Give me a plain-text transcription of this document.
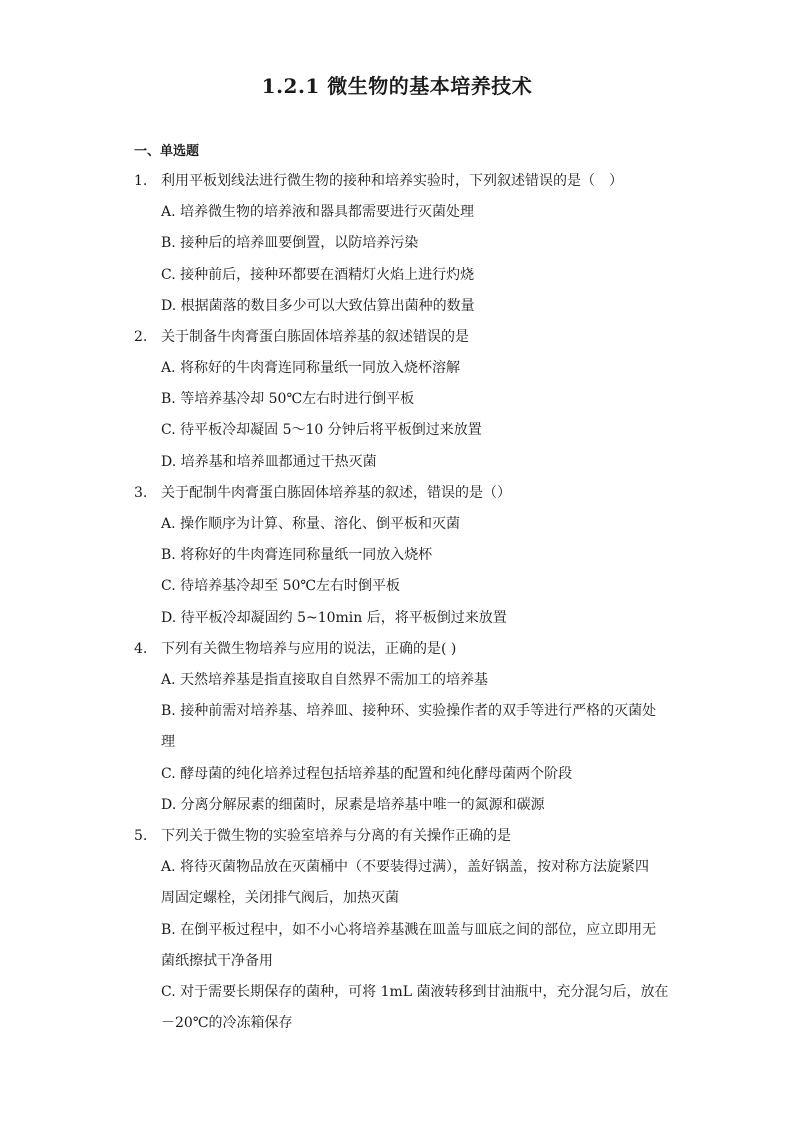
1.2.1 微生物的基本培养技术
一、单选题
1. 利用平板划线法进行微生物的接种和培养实验时，下列叙述错误的是（　）
A. 培养微生物的培养液和器具都需要进行灭菌处理
B. 接种后的培养皿要倒置，以防培养污染
C. 接种前后，接种环都要在酒精灯火焰上进行灼烧
D. 根据菌落的数目多少可以大致估算出菌种的数量
2. 关于制备牛肉膏蛋白胨固体培养基的叙述错误的是
A. 将称好的牛肉膏连同称量纸一同放入烧杯溶解
B. 等培养基冷却 50℃左右时进行倒平板
C. 待平板冷却凝固 5～10 分钟后将平板倒过来放置
D. 培养基和培养皿都通过干热灭菌
3. 关于配制牛肉膏蛋白胨固体培养基的叙述，错误的是（）
A. 操作顺序为计算、称量、溶化、倒平板和灭菌
B. 将称好的牛肉膏连同称量纸一同放入烧杯
C. 待培养基冷却至 50℃左右时倒平板
D. 待平板冷却凝固约 5~10min 后，将平板倒过来放置
4. 下列有关微生物培养与应用的说法，正确的是( )
A. 天然培养基是指直接取自自然界不需加工的培养基
B. 接种前需对培养基、培养皿、接种环、实验操作者的双手等进行严格的灭菌处
理
C. 酵母菌的纯化培养过程包括培养基的配置和纯化酵母菌两个阶段
D. 分离分解尿素的细菌时，尿素是培养基中唯一的氮源和碳源
5. 下列关于微生物的实验室培养与分离的有关操作正确的是
A. 将待灭菌物品放在灭菌桶中（不要装得过满），盖好锅盖，按对称方法旋紧四
周固定螺栓，关闭排气阀后，加热灭菌
B. 在倒平板过程中，如不小心将培养基溅在皿盖与皿底之间的部位，应立即用无
菌纸擦拭干净备用
C. 对于需要长期保存的菌种，可将 1mL 菌液转移到甘油瓶中，充分混匀后，放在
－20℃的冷冻箱保存
